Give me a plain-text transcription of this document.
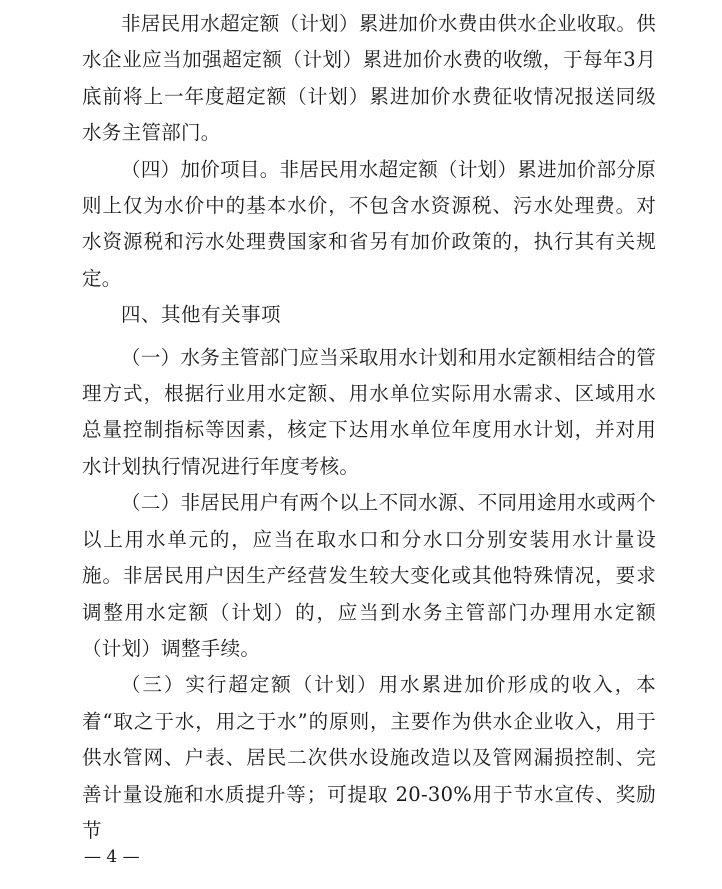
非居民用水超定额（计划）累进加价水费由供水企业收取。供水企业应当加强超定额（计划）累进加价水费的收缴，于每年3月底前将上一年度超定额（计划）累进加价水费征收情况报送同级水务主管部门。

（四）加价项目。非居民用水超定额（计划）累进加价部分原则上仅为水价中的基本水价，不包含水资源税、污水处理费。对水资源税和污水处理费国家和省另有加价政策的，执行其有关规定。

四、其他有关事项

（一）水务主管部门应当采取用水计划和用水定额相结合的管理方式，根据行业用水定额、用水单位实际用水需求、区域用水总量控制指标等因素，核定下达用水单位年度用水计划，并对用水计划执行情况进行年度考核。

（二）非居民用户有两个以上不同水源、不同用途用水或两个以上用水单元的，应当在取水口和分水口分别安装用水计量设施。非居民用户因生产经营发生较大变化或其他特殊情况，要求调整用水定额（计划）的，应当到水务主管部门办理用水定额（计划）调整手续。

（三）实行超定额（计划）用水累进加价形成的收入，本着“取之于水，用之于水”的原则，主要作为供水企业收入，用于供水管网、户表、居民二次供水设施改造以及管网漏损控制、完善计量设施和水质提升等；可提取 20-30%用于节水宣传、奖励节

— 4 —
